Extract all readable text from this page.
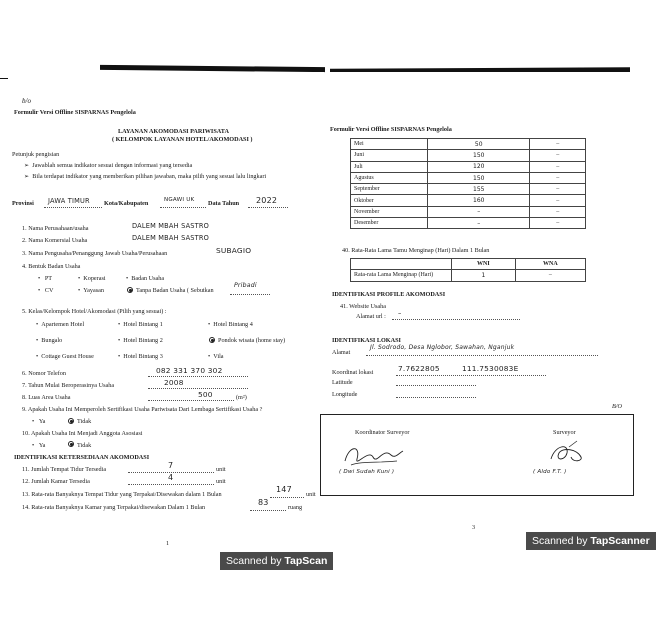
b/o
Formulir Versi Offline SISPARNAS Pengelola
LAYANAN AKOMODASI PARIWISATA
( KELOMPOK LAYANAN HOTEL/AKOMODASI )
Petunjuk pengisian
➢  Jawablah semua indikator sesuai dengan informasi yang tersedia
➢  Bila terdapat indikator yang memberikan pilihan jawaban, maka pilih yang sesuai lalu lingkari
Provinsi JAWA TIMUR Kota/Kabupaten	NGAWI UK Data Tahun 2022
1. Nama Perusahaan/usaha	DALEM MBAH SASTRO
2. Nama Komersial Usaha	DALEM MBAH SASTRO
3. Nama Pengusaha/Penanggung Jawab Usaha/Perusahaan	SUBAGIO
4. Bentuk Badan Usaha
•   PT	•  Koperasi	•  Badan Usaha
•   CV	•  Yayasan	Tanpa Badan Usaha ( Sebutkan
Pribadi
5. Kelas/Kelompok Hotel/Akomodasi (Pilih yang sesuai) :
•  Apartemen Hotel	•  Hotel Bintang 1	•  Hotel Bintang 4
•  Bungalo	•  Hotel Bintang 2	Pondok wisata (home stay)
•  Cottage Guest House	•  Hotel Bintang 3	•  Vila
6. Nomor Telefon	082 331 370 302
7. Tahun Mulai Beroperasinya Usaha	2008
8. Luas Area Usaha	500	(m²)
9. Apakah Usaha Ini Memperoleh Sertifikasi Usaha Pariwisata Dari Lembaga Sertifikasi Usaha ?
•   Ya	Tidak
10. Apakah Usaha Ini Menjadi Anggota Asosiasi
•   Ya	Tidak
IDENTIFIKASI KETERSEDIAAN AKOMODASI
11. Jumlah Tempat Tidur Tersedia	7	unit
12. Jumlah Kamar Tersedia	4	unit
13. Rata-rata Banyaknya Tempat Tidur yang Terpakai/Disewakan dalam 1 Bulan
147
unit
14. Rata-rata Banyaknya Kamar yang Terpakai/disewakan Dalam 1 Bulan
83
ruang
1
Scanned by TapScan
Formulir Versi Offline SISPARNAS Pengelola
Mei	50	–
Juni	150	–
Juli	120	–
Agustus	150	–
September	155	–
Oktober	160	–
November	–	–
Desember	–	–
40. Rata-Rata Lama Tamu Menginap (Hari) Dalam 1 Bulan
	WNI	WNA
Rata-rata Lama Menginap (Hari)	1	–
IDENTIFIKASI PROFILE AKOMODASI
41. Website Usaha
Alamat url : –
IDENTIFIKASI LOKASI
Alamat
Jl. Sodrodo, Desa Nglobor, Sawahan, Nganjuk
Koordinat lokasi	7.7622805	111.7530083E
Latitude
Longitude
B/O
Koordinator Surveyor	Surveyor
( Dwi Sudah Kuni )	( Aldo F.T. )
3
Scanned by TapScanner
